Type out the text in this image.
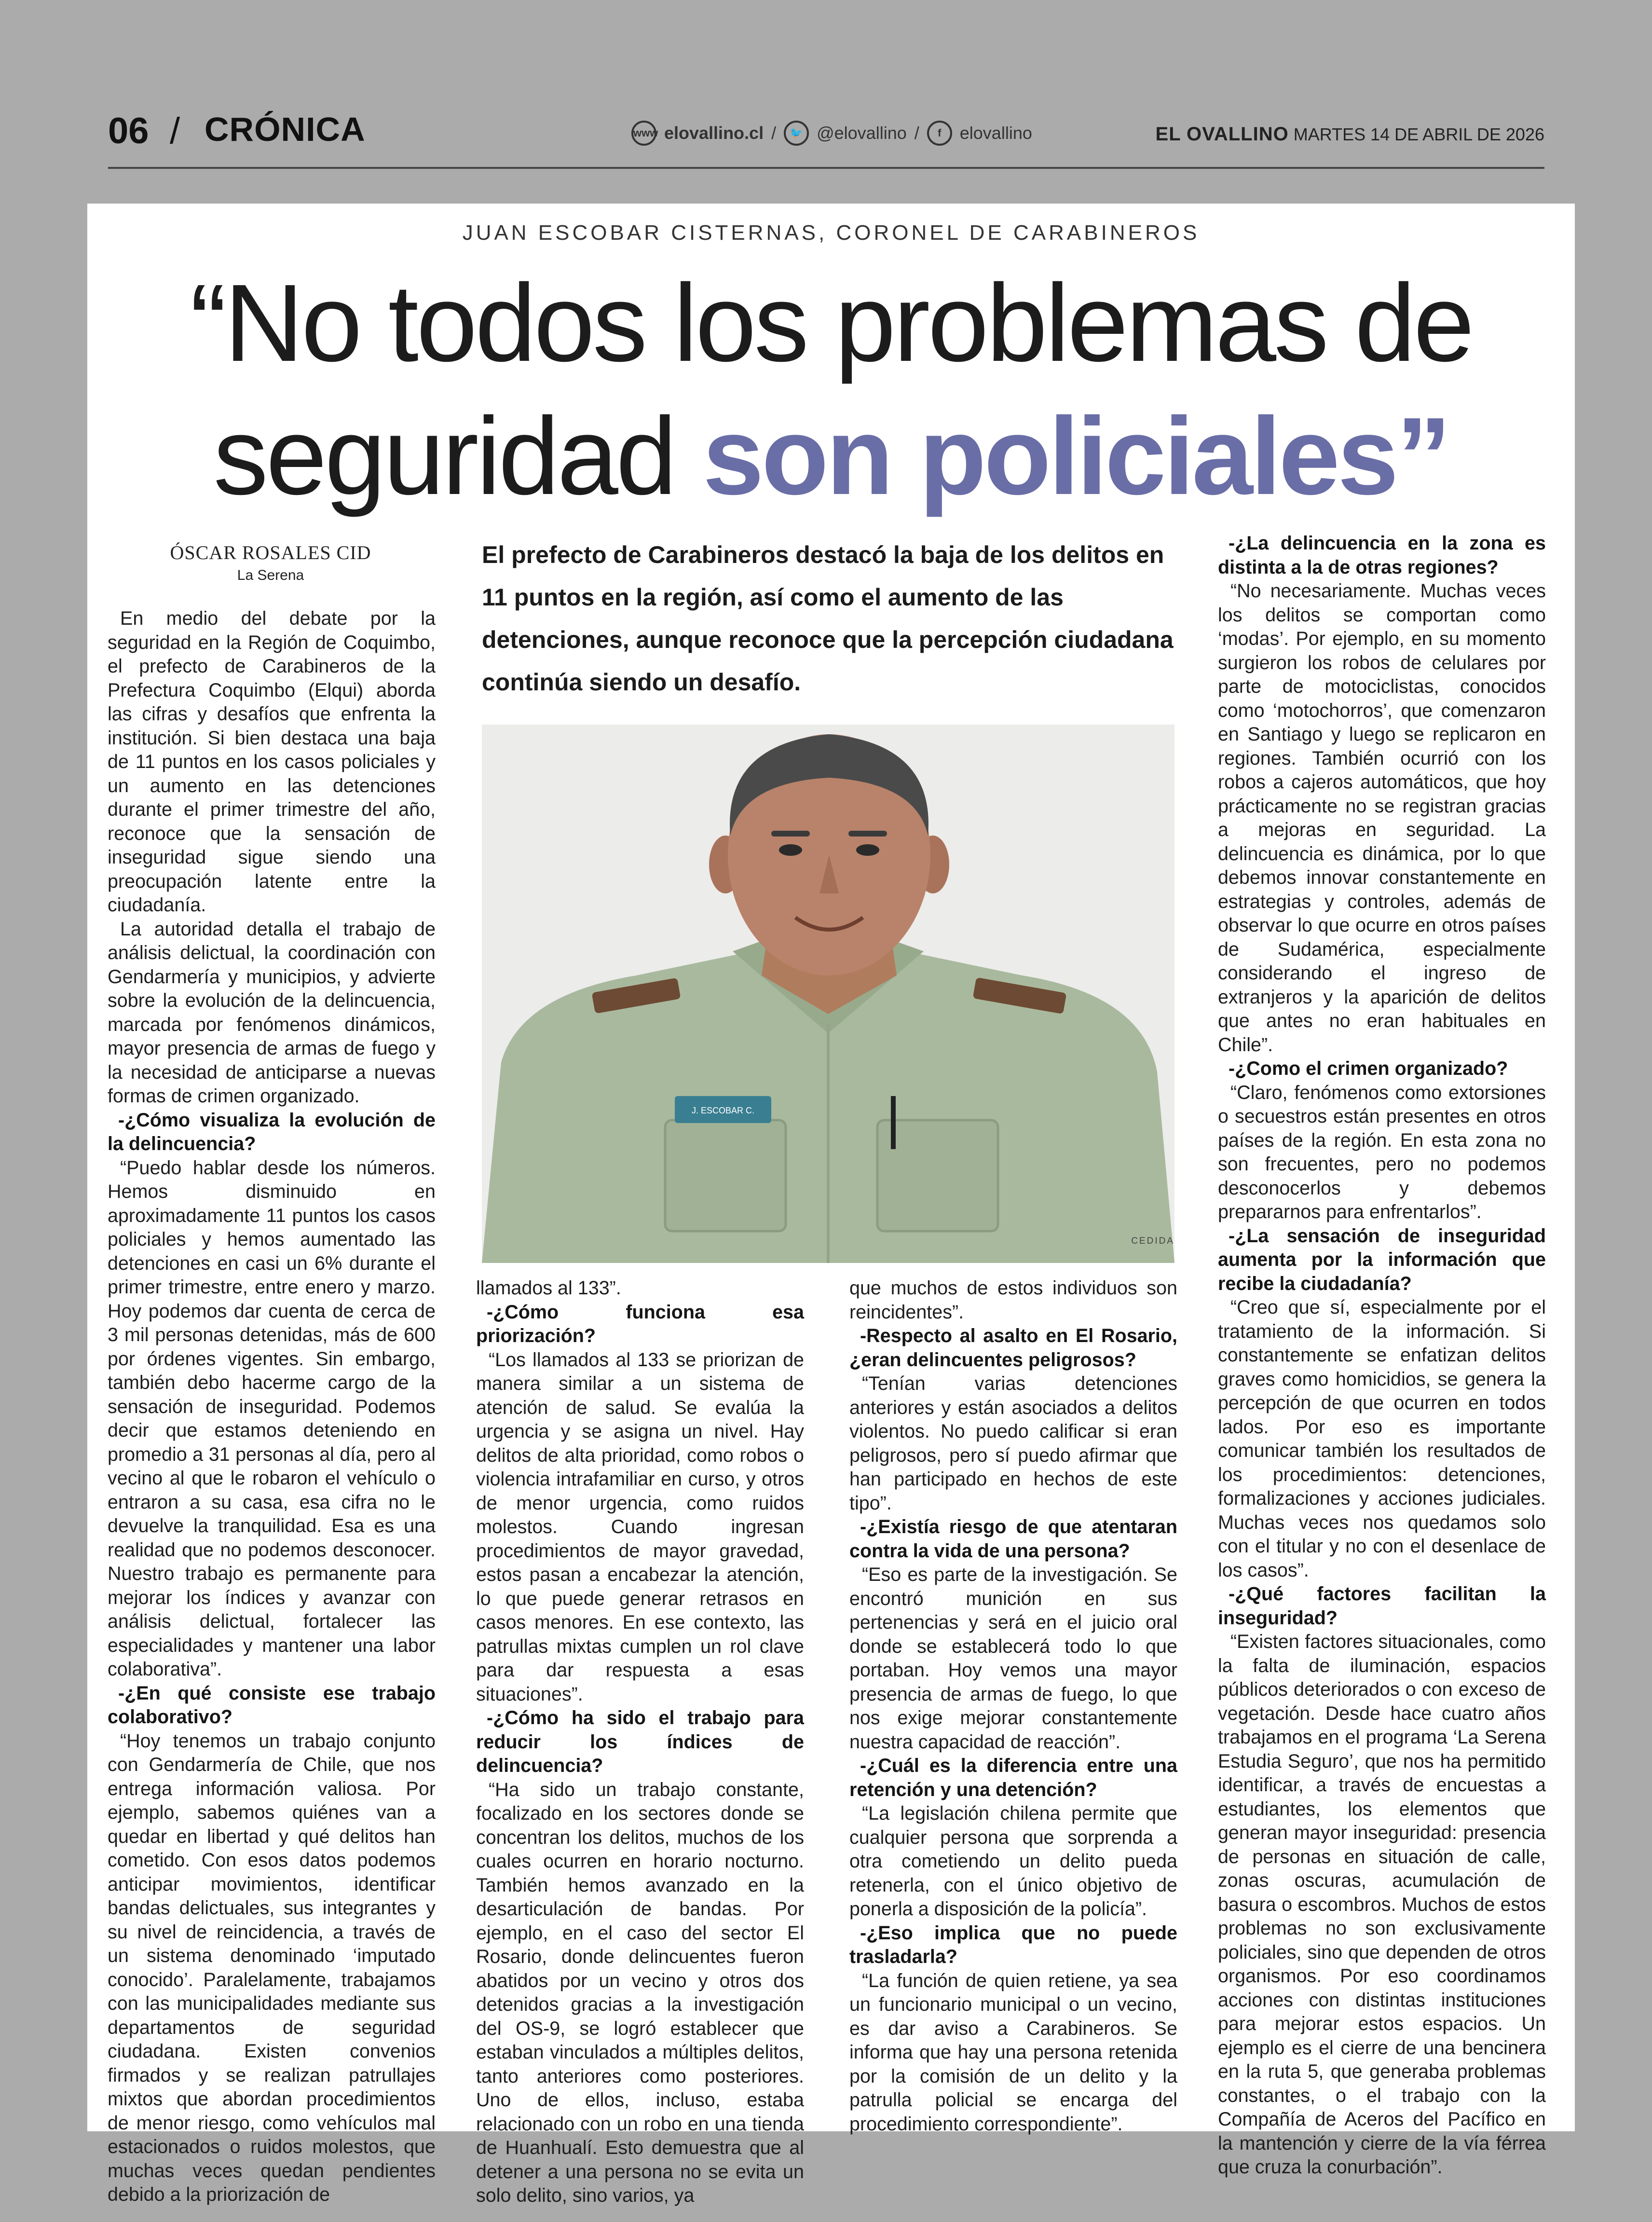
06 / CRÓNICA	www elovallino.cl /	🐦 @elovallino /	f	elovallino	EL OVALLINO MARTES 14 DE ABRIL DE 2026
JUAN ESCOBAR CISTERNAS, CORONEL DE CARABINEROS
“No todos los problemas de seguridad son policiales”
ÓSCAR ROSALES CID
La Serena

En medio del debate por la seguridad en la Región de Coquimbo, el prefecto de Carabineros de la Prefectura Coquimbo (Elqui) aborda las cifras y desafíos que enfrenta la institución. Si bien destaca una baja de 11 puntos en los casos policiales y un aumento en las detenciones durante el primer trimestre del año, reconoce que la sensación de inseguridad sigue siendo una preocupación latente entre la ciudadanía.

La autoridad detalla el trabajo de análisis delictual, la coordinación con Gendarmería y municipios, y advierte sobre la evolución de la delincuencia, marcada por fenómenos dinámicos, mayor presencia de armas de fuego y la necesidad de anticiparse a nuevas formas de crimen organizado.

-¿Cómo visualiza la evolución de la delincuencia?

“Puedo hablar desde los números. Hemos disminuido en aproximadamente 11 puntos los casos policiales y hemos aumentado las detenciones en casi un 6% durante el primer trimestre, entre enero y marzo. Hoy podemos dar cuenta de cerca de 3 mil personas detenidas, más de 600 por órdenes vigentes. Sin embargo, también debo hacerme cargo de la sensación de inseguridad. Podemos decir que estamos deteniendo en promedio a 31 personas al día, pero al vecino al que le robaron el vehículo o entraron a su casa, esa cifra no le devuelve la tranquilidad. Esa es una realidad que no podemos desconocer. Nuestro trabajo es permanente para mejorar los índices y avanzar con análisis delictual, fortalecer las especialidades y mantener una labor colaborativa”.

-¿En qué consiste ese trabajo colaborativo?

“Hoy tenemos un trabajo conjunto con Gendarmería de Chile, que nos entrega información valiosa. Por ejemplo, sabemos quiénes van a quedar en libertad y qué delitos han cometido. Con esos datos podemos anticipar movimientos, identificar bandas delictuales, sus integrantes y su nivel de reincidencia, a través de un sistema denominado ‘imputado conocido’. Paralelamente, trabajamos con las municipalidades mediante sus departamentos de seguridad ciudadana. Existen convenios firmados y se realizan patrullajes mixtos que abordan procedimientos de menor riesgo, como vehículos mal estacionados o ruidos molestos, que muchas veces quedan pendientes debido a la priorización de

El prefecto de Carabineros destacó la baja de los delitos en 11 puntos en la región, así como el aumento de las detenciones, aunque reconoce que la percepción ciudadana continúa siendo un desafío.
J. ESCOBAR C.
CEDIDA

llamados al 133”.

-¿Cómo funciona esa priorización?

“Los llamados al 133 se priorizan de manera similar a un sistema de atención de salud. Se evalúa la urgencia y se asigna un nivel. Hay delitos de alta prioridad, como robos o violencia intrafamiliar en curso, y otros de menor urgencia, como ruidos molestos. Cuando ingresan procedimientos de mayor gravedad, estos pasan a encabezar la atención, lo que puede generar retrasos en casos menores. En ese contexto, las patrullas mixtas cumplen un rol clave para dar respuesta a esas situaciones”.

-¿Cómo ha sido el trabajo para reducir los índices de delincuencia?

“Ha sido un trabajo constante, focalizado en los sectores donde se concentran los delitos, muchos de los cuales ocurren en horario nocturno. También hemos avanzado en la desarticulación de bandas. Por ejemplo, en el caso del sector El Rosario, donde delincuentes fueron abatidos por un vecino y otros dos detenidos gracias a la investigación del OS-9, se logró establecer que estaban vinculados a múltiples delitos, tanto anteriores como posteriores. Uno de ellos, incluso, estaba relacionado con un robo en una tienda de Huanhualí. Esto demuestra que al detener a una persona no se evita un solo delito, sino varios, ya

que muchos de estos individuos son reincidentes”.

-Respecto al asalto en El Rosario, ¿eran delincuentes peligrosos?

“Tenían varias detenciones anteriores y están asociados a delitos violentos. No puedo calificar si eran peligrosos, pero sí puedo afirmar que han participado en hechos de este tipo”.

-¿Existía riesgo de que atentaran contra la vida de una persona?

“Eso es parte de la investigación. Se encontró munición en sus pertenencias y será en el juicio oral donde se establecerá todo lo que portaban. Hoy vemos una mayor presencia de armas de fuego, lo que nos exige mejorar constantemente nuestra capacidad de reacción”.

-¿Cuál es la diferencia entre una retención y una detención?

“La legislación chilena permite que cualquier persona que sorprenda a otra cometiendo un delito pueda retenerla, con el único objetivo de ponerla a disposición de la policía”.

-¿Eso implica que no puede trasladarla?

“La función de quien retiene, ya sea un funcionario municipal o un vecino, es dar aviso a Carabineros. Se informa que hay una persona retenida por la comisión de un delito y la patrulla policial se encarga del procedimiento correspondiente”.

-¿La delincuencia en la zona es distinta a la de otras regiones?

“No necesariamente. Muchas veces los delitos se comportan como ‘modas’. Por ejemplo, en su momento surgieron los robos de celulares por parte de motociclistas, conocidos como ‘motochorros’, que comenzaron en Santiago y luego se replicaron en regiones. También ocurrió con los robos a cajeros automáticos, que hoy prácticamente no se registran gracias a mejoras en seguridad. La delincuencia es dinámica, por lo que debemos innovar constantemente en estrategias y controles, además de observar lo que ocurre en otros países de Sudamérica, especialmente considerando el ingreso de extranjeros y la aparición de delitos que antes no eran habituales en Chile”.

-¿Como el crimen organizado?

“Claro, fenómenos como extorsiones o secuestros están presentes en otros países de la región. En esta zona no son frecuentes, pero no podemos desconocerlos y debemos prepararnos para enfrentarlos”.

-¿La sensación de inseguridad aumenta por la información que recibe la ciudadanía?

“Creo que sí, especialmente por el tratamiento de la información. Si constantemente se enfatizan delitos graves como homicidios, se genera la percepción de que ocurren en todos lados. Por eso es importante comunicar también los resultados de los procedimientos: detenciones, formalizaciones y acciones judiciales. Muchas veces nos quedamos solo con el titular y no con el desenlace de los casos”.

-¿Qué factores facilitan la inseguridad?

“Existen factores situacionales, como la falta de iluminación, espacios públicos deteriorados o con exceso de vegetación. Desde hace cuatro años trabajamos en el programa ‘La Serena Estudia Seguro’, que nos ha permitido identificar, a través de encuestas a estudiantes, los elementos que generan mayor inseguridad: presencia de personas en situación de calle, zonas oscuras, acumulación de basura o escombros. Muchos de estos problemas no son exclusivamente policiales, sino que dependen de otros organismos. Por eso coordinamos acciones con distintas instituciones para mejorar estos espacios. Un ejemplo es el cierre de una bencinera en la ruta 5, que generaba problemas constantes, o el trabajo con la Compañía de Aceros del Pacífico en la mantención y cierre de la vía férrea que cruza la conurbación”.
